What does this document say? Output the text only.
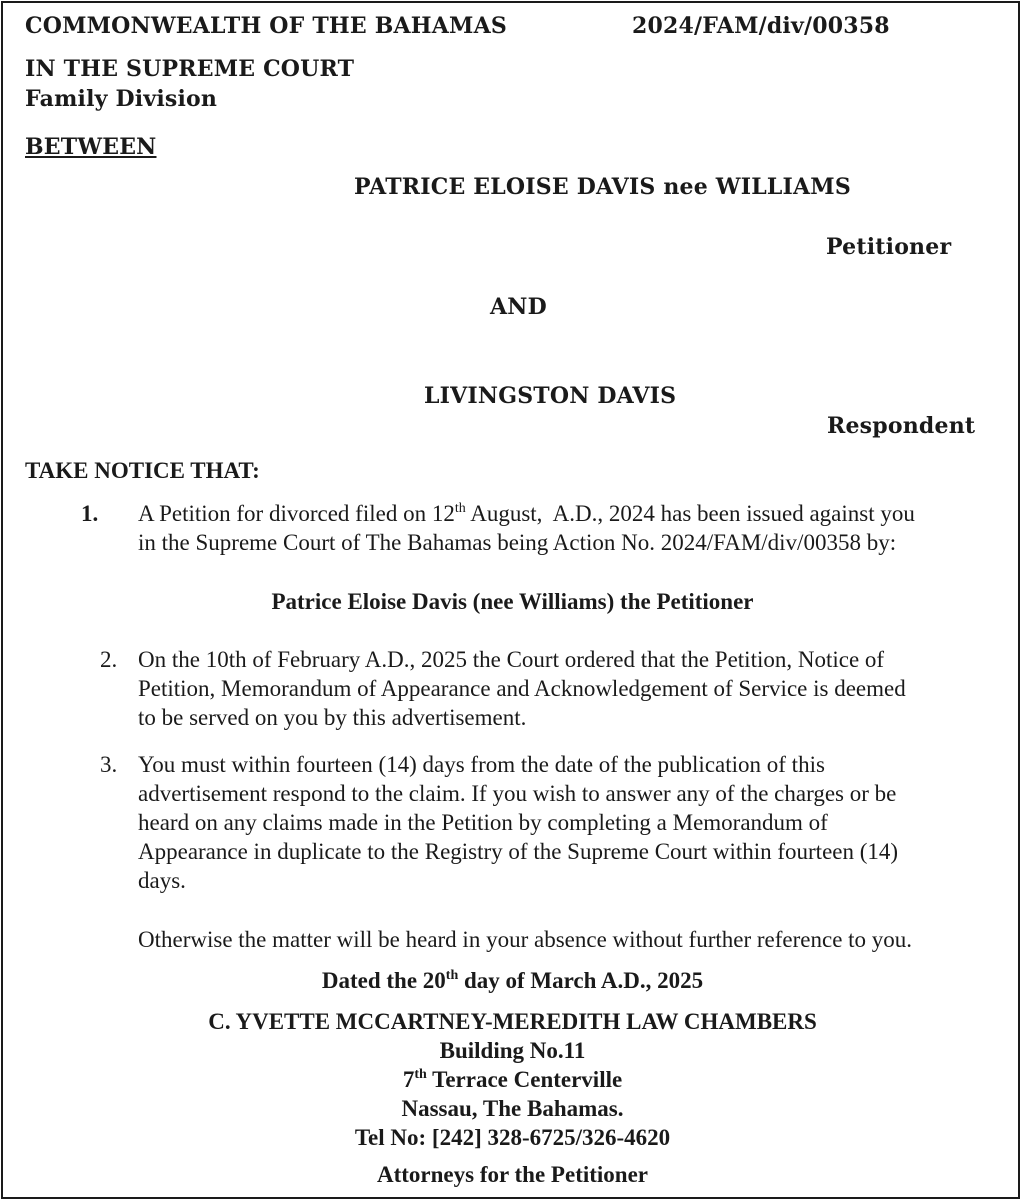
COMMONWEALTH OF THE BAHAMAS	2024/FAM/div/00358
IN THE SUPREME COURT
Family Division
BETWEEN
PATRICE ELOISE DAVIS nee WILLIAMS
Petitioner
AND
LIVINGSTON DAVIS
Respondent
TAKE NOTICE THAT:
1. A Petition for divorced filed on 12th August,  A.D., 2024 has been issued against you
in the Supreme Court of The Bahamas being Action No. 2024/FAM/div/00358 by:
Patrice Eloise Davis (nee Williams) the Petitioner
2. On the 10th of February A.D., 2025 the Court ordered that the Petition, Notice of
Petition, Memorandum of Appearance and Acknowledgement of Service is deemed
to be served on you by this advertisement.
3. You must within fourteen (14) days from the date of the publication of this
advertisement respond to the claim. If you wish to answer any of the charges or be
heard on any claims made in the Petition by completing a Memorandum of
Appearance in duplicate to the Registry of the Supreme Court within fourteen (14)
days.
Otherwise the matter will be heard in your absence without further reference to you.
Dated the 20th day of March A.D., 2025
C. YVETTE MCCARTNEY-MEREDITH LAW CHAMBERS
Building No.11
7th Terrace Centerville
Nassau, The Bahamas.
Tel No: [242] 328-6725/326-4620
Attorneys for the Petitioner
